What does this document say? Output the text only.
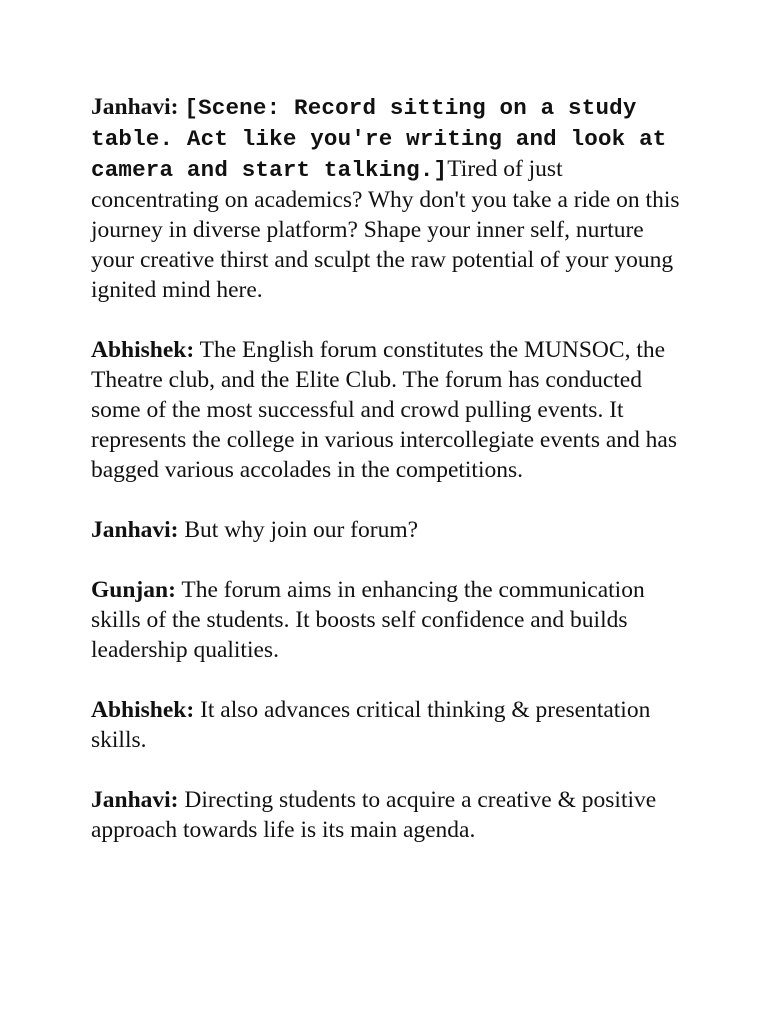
Janhavi: [Scene: Record sitting on a study table. Act like you're writing and look at camera and start talking.]Tired of just concentrating on academics? Why don't you take a ride on this journey in diverse platform? Shape your inner self, nurture your creative thirst and sculpt the raw potential of your young ignited mind here.

Abhishek: The English forum constitutes the MUNSOC, the Theatre club, and the Elite Club. The forum has conducted some of the most successful and crowd pulling events. It represents the college in various intercollegiate events and has bagged various accolades in the competitions.

Janhavi: But why join our forum?

Gunjan: The forum aims in enhancing the communication skills of the students. It boosts self confidence and builds leadership qualities.

Abhishek: It also advances critical thinking & presentation skills.

Janhavi: Directing students to acquire a creative & positive approach towards life is its main agenda.
